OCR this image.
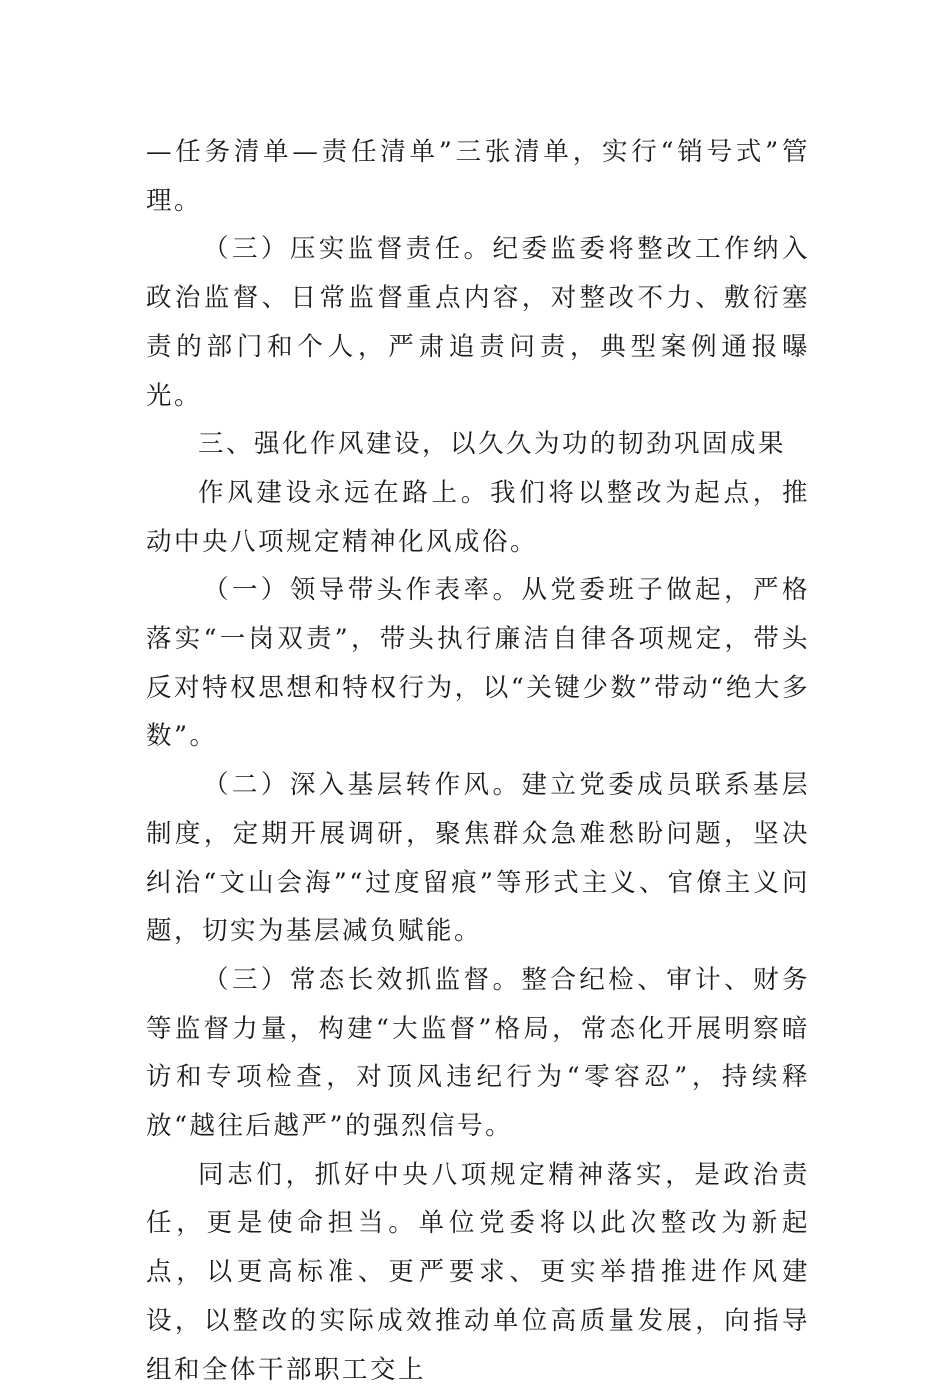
—任务清单—责任清单”三张清单，实行“销号式”管理。

（三）压实监督责任。纪委监委将整改工作纳入政治监督、日常监督重点内容，对整改不力、敷衍塞责的部门和个人，严肃追责问责，典型案例通报曝光。

三、强化作风建设，以久久为功的韧劲巩固成果

作风建设永远在路上。我们将以整改为起点，推动中央八项规定精神化风成俗。

（一）领导带头作表率。从党委班子做起，严格落实“一岗双责”，带头执行廉洁自律各项规定，带头反对特权思想和特权行为，以“关键少数”带动“绝大多数”。

（二）深入基层转作风。建立党委成员联系基层制度，定期开展调研，聚焦群众急难愁盼问题，坚决纠治“文山会海”“过度留痕”等形式主义、官僚主义问题，切实为基层减负赋能。

（三）常态长效抓监督。整合纪检、审计、财务等监督力量，构建“大监督”格局，常态化开展明察暗访和专项检查，对顶风违纪行为“零容忍”，持续释放“越往后越严”的强烈信号。

同志们，抓好中央八项规定精神落实，是政治责任，更是使命担当。单位党委将以此次整改为新起点，以更高标准、更严要求、更实举措推进作风建设，以整改的实际成效推动单位高质量发展，向指导组和全体干部职工交上
